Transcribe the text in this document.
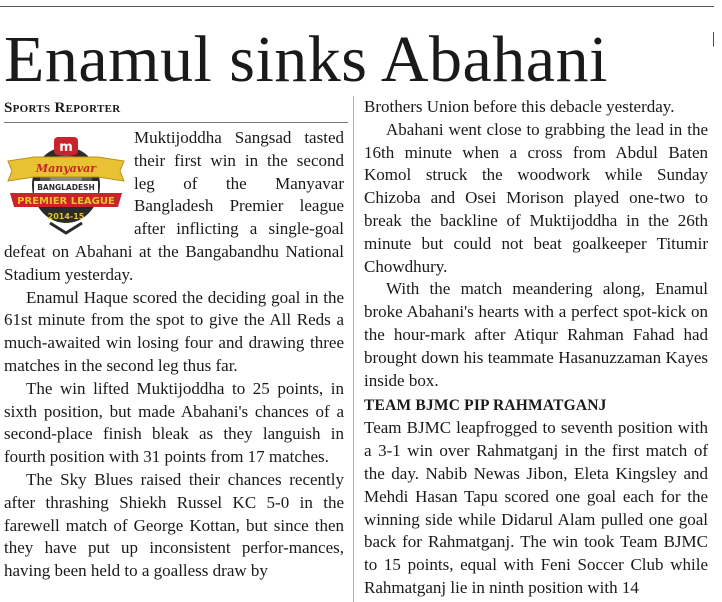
Enamul sinks Abahani	|
Sports Reporter
m
Manyavar
BANGLADESH
PREMIER LEAGUE
2014-15

Muktijoddha Sangsad tasted their first win in the second leg of the Manyavar Bangladesh Premier league after inflicting a single-goal defeat on Abahani at the Bangabandhu National Stadium yesterday.

Enamul Haque scored the deciding goal in the 61st minute from the spot to give the All Reds a much-awaited win losing four and drawing three matches in the second leg thus far.

The win lifted Muktijoddha to 25 points, in sixth position, but made Abahani's chances of a second-place finish bleak as they languish in fourth position with 31 points from 17 matches.

The Sky Blues raised their chances recently after thrashing Shiekh Russel KC 5-0 in the farewell match of George Kottan, but since then they have put up inconsistent perfor-mances, having been held to a goalless draw by

Brothers Union before this debacle yesterday.

Abahani went close to grabbing the lead in the 16th minute when a cross from Abdul Baten Komol struck the woodwork while Sunday Chizoba and Osei Morison played one-two to break the backline of Muktijoddha in the 26th minute but could not beat goalkeeper Titumir Chowdhury.

With the match meandering along, Enamul broke Abahani's hearts with a perfect spot-kick on the hour-mark after Atiqur Rahman Fahad had brought down his teammate Hasanuzzaman Kayes inside box.

TEAM BJMC PIP RAHMATGANJ

Team BJMC leapfrogged to seventh position with a 3-1 win over Rahmatganj in the first match of the day. Nabib Newas Jibon, Eleta Kingsley and Mehdi Hasan Tapu scored one goal each for the winning side while Didarul Alam pulled one goal back for Rahmatganj. The win took Team BJMC to 15 points, equal with Feni Soccer Club while Rahmatganj lie in ninth position with 14
